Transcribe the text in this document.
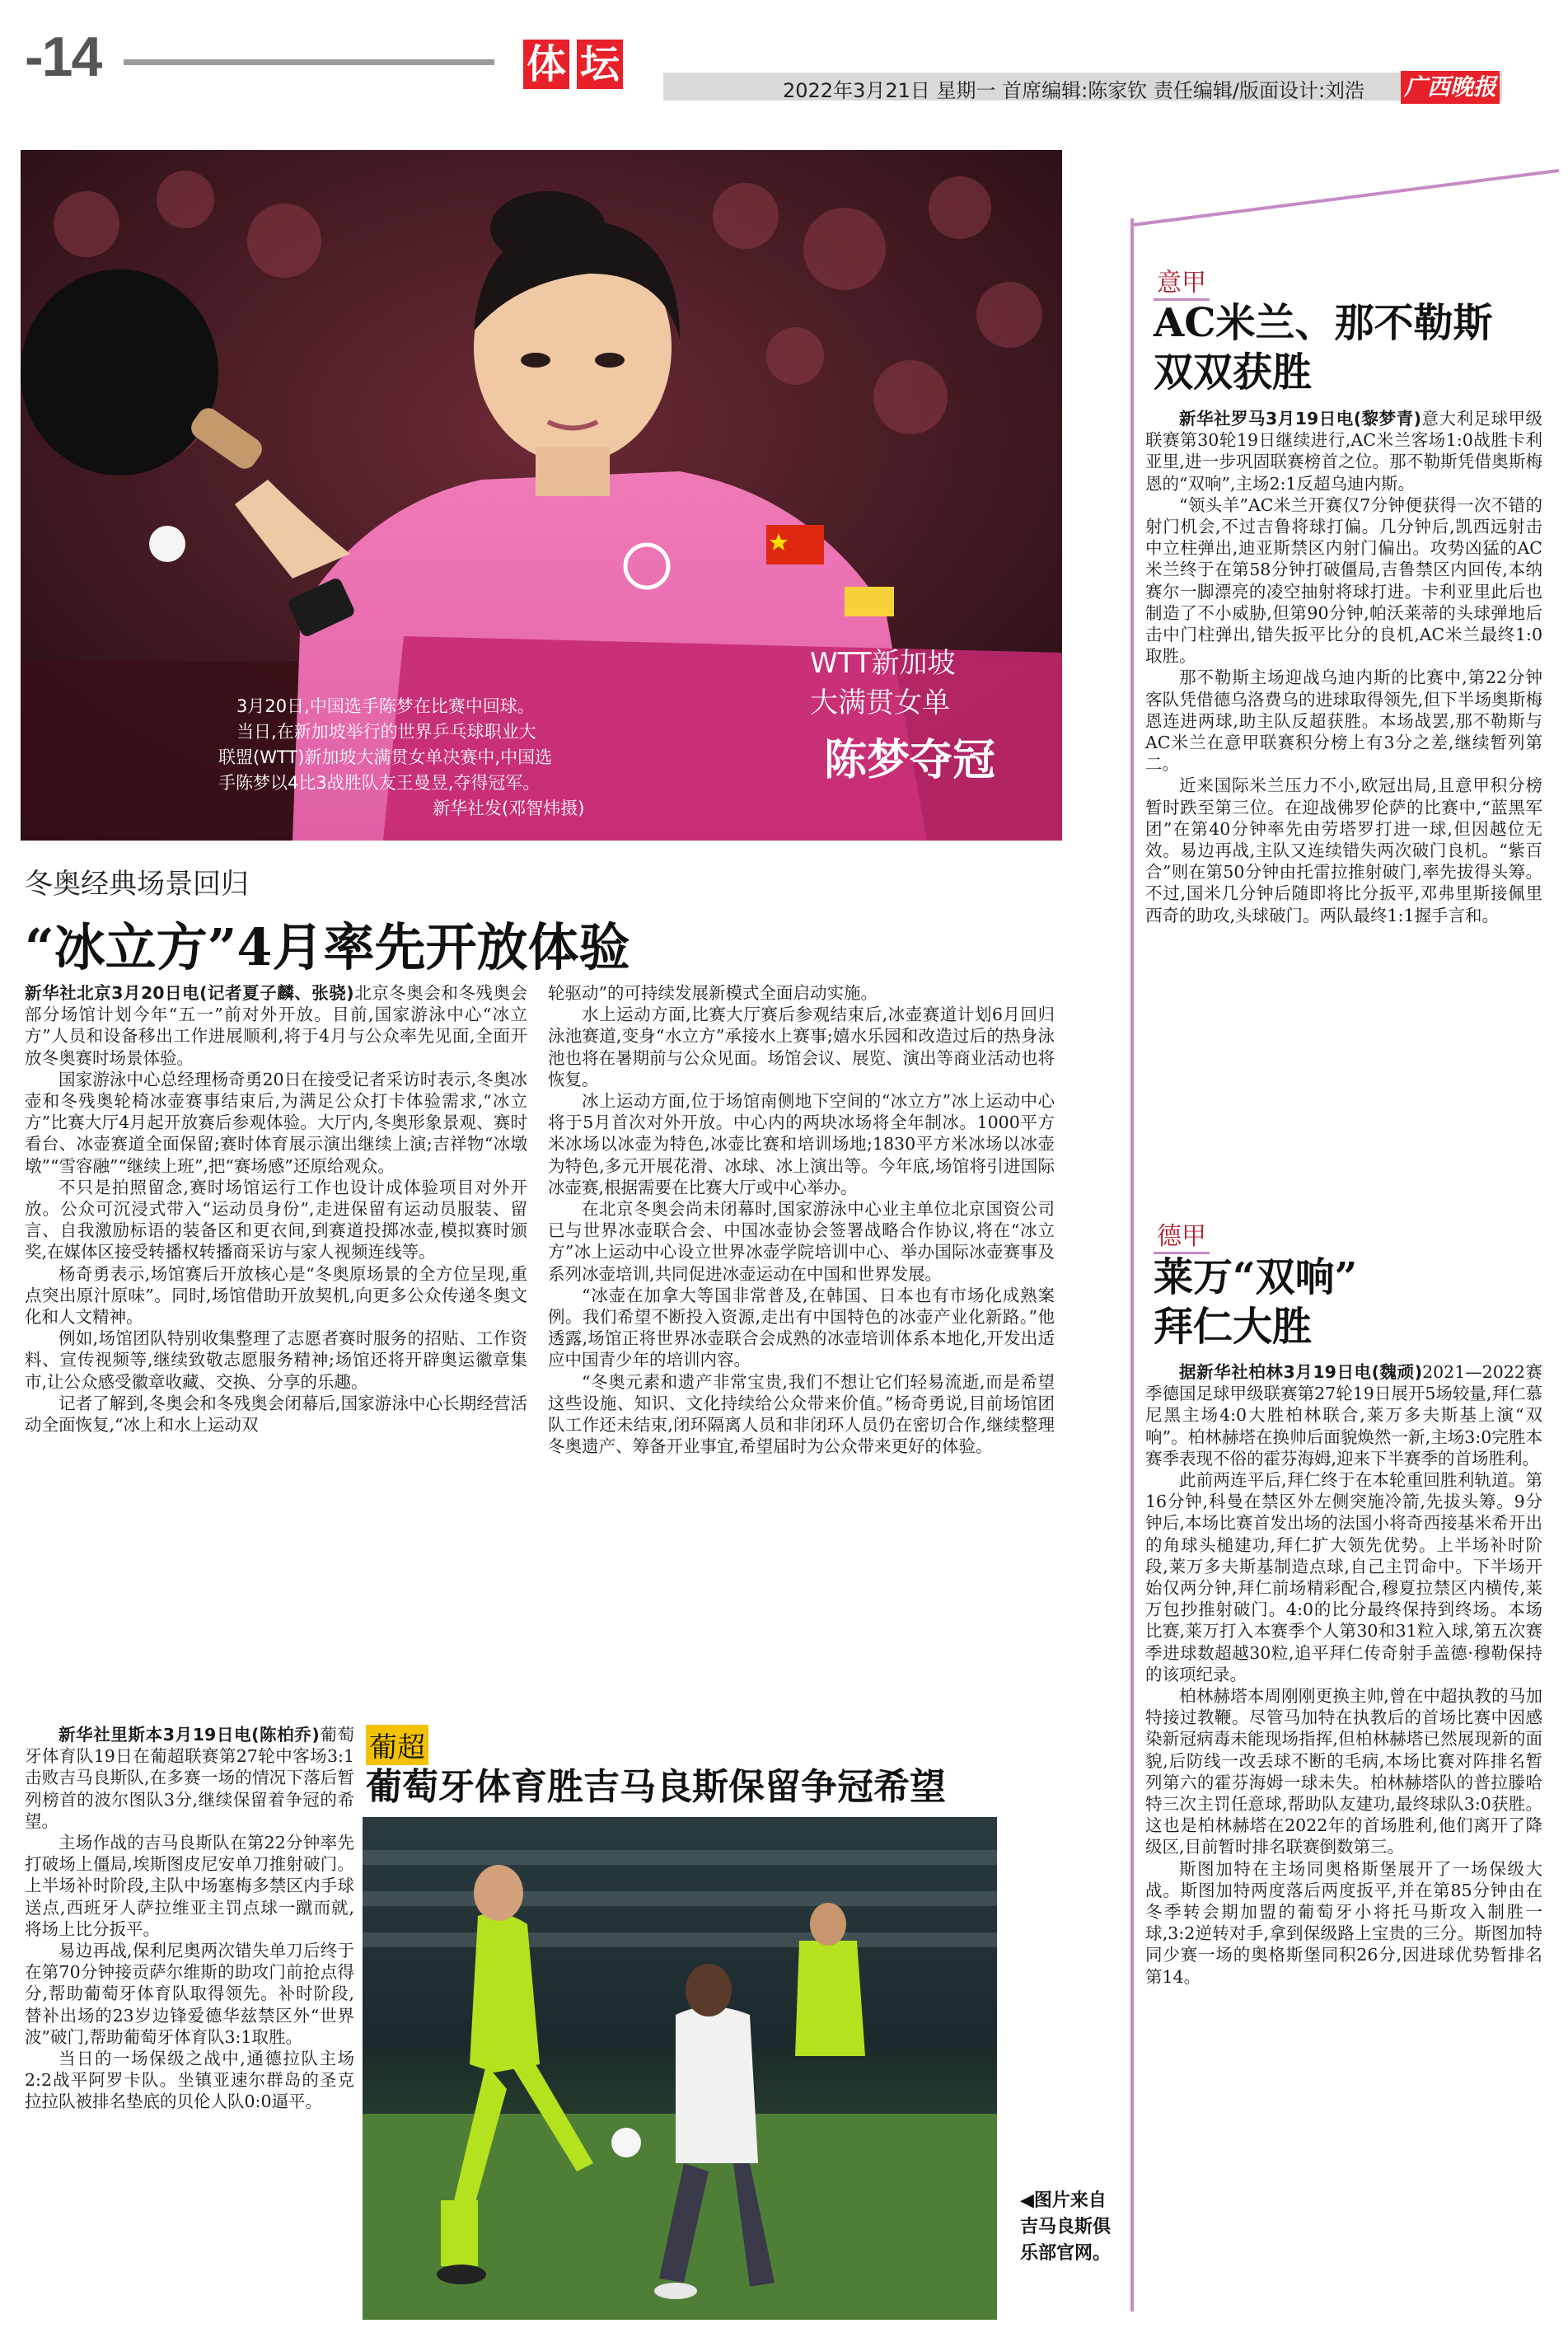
-14	体 坛
2022年3月21日 星期一 首席编辑:陈家钦 责任编辑/版面设计:刘浩 广西晚报
3月20日,中国选手陈梦在比赛中回球。
当日,在新加坡举行的世界乒乓球职业大
联盟(WTT)新加坡大满贯女单决赛中,中国选
手陈梦以4比3战胜队友王曼昱,夺得冠军。
新华社发(邓智炜摄)
WTT新加坡
大满贯女单
陈梦夺冠
冬奥经典场景回归
“冰立方”4月率先开放体验

新华社北京3月20日电(记者夏子麟、张骁)北京冬奥会和冬残奥会部分场馆计划今年“五一”前对外开放。目前,国家游泳中心“冰立方”人员和设备移出工作进展顺利,将于4月与公众率先见面,全面开放冬奥赛时场景体验。

国家游泳中心总经理杨奇勇20日在接受记者采访时表示,冬奥冰壶和冬残奥轮椅冰壶赛事结束后,为满足公众打卡体验需求,“冰立方”比赛大厅4月起开放赛后参观体验。大厅内,冬奥形象景观、赛时看台、冰壶赛道全面保留;赛时体育展示演出继续上演;吉祥物“冰墩墩”“雪容融”“继续上班”,把“赛场感”还原给观众。

不只是拍照留念,赛时场馆运行工作也设计成体验项目对外开放。公众可沉浸式带入“运动员身份”,走进保留有运动员服装、留言、自我激励标语的装备区和更衣间,到赛道投掷冰壶,模拟赛时颁奖,在媒体区接受转播权转播商采访与家人视频连线等。

杨奇勇表示,场馆赛后开放核心是“冬奥原场景的全方位呈现,重点突出原汁原味”。同时,场馆借助开放契机,向更多公众传递冬奥文化和人文精神。

例如,场馆团队特别收集整理了志愿者赛时服务的招贴、工作资料、宣传视频等,继续致敬志愿服务精神;场馆还将开辟奥运徽章集市,让公众感受徽章收藏、交换、分享的乐趣。

记者了解到,冬奥会和冬残奥会闭幕后,国家游泳中心长期经营活动全面恢复,“冰上和水上运动双

轮驱动”的可持续发展新模式全面启动实施。

水上运动方面,比赛大厅赛后参观结束后,冰壶赛道计划6月回归泳池赛道,变身“水立方”承接水上赛事;嬉水乐园和改造过后的热身泳池也将在暑期前与公众见面。场馆会议、展览、演出等商业活动也将恢复。

冰上运动方面,位于场馆南侧地下空间的“冰立方”冰上运动中心将于5月首次对外开放。中心内的两块冰场将全年制冰。1000平方米冰场以冰壶为特色,冰壶比赛和培训场地;1830平方米冰场以冰壶为特色,多元开展花滑、冰球、冰上演出等。今年底,场馆将引进国际冰壶赛,根据需要在比赛大厅或中心举办。

在北京冬奥会尚未闭幕时,国家游泳中心业主单位北京国资公司已与世界冰壶联合会、中国冰壶协会签署战略合作协议,将在“冰立方”冰上运动中心设立世界冰壶学院培训中心、举办国际冰壶赛事及系列冰壶培训,共同促进冰壶运动在中国和世界发展。

“冰壶在加拿大等国非常普及,在韩国、日本也有市场化成熟案例。我们希望不断投入资源,走出有中国特色的冰壶产业化新路。”他透露,场馆正将世界冰壶联合会成熟的冰壶培训体系本地化,开发出适应中国青少年的培训内容。

“冬奥元素和遗产非常宝贵,我们不想让它们轻易流逝,而是希望这些设施、知识、文化持续给公众带来价值。”杨奇勇说,目前场馆团队工作还未结束,闭环隔离人员和非闭环人员仍在密切合作,继续整理冬奥遗产、筹备开业事宜,希望届时为公众带来更好的体验。

意甲
AC米兰、那不勒斯
双双获胜

新华社罗马3月19日电(黎梦青)意大利足球甲级联赛第30轮19日继续进行,AC米兰客场1:0战胜卡利亚里,进一步巩固联赛榜首之位。那不勒斯凭借奥斯梅恩的“双响”,主场2:1反超乌迪内斯。

“领头羊”AC米兰开赛仅7分钟便获得一次不错的射门机会,不过吉鲁将球打偏。几分钟后,凯西远射击中立柱弹出,迪亚斯禁区内射门偏出。攻势凶猛的AC米兰终于在第58分钟打破僵局,吉鲁禁区内回传,本纳赛尔一脚漂亮的凌空抽射将球打进。卡利亚里此后也制造了不小威胁,但第90分钟,帕沃莱蒂的头球弹地后击中门柱弹出,错失扳平比分的良机,AC米兰最终1:0取胜。

那不勒斯主场迎战乌迪内斯的比赛中,第22分钟客队凭借德乌洛费乌的进球取得领先,但下半场奥斯梅恩连进两球,助主队反超获胜。本场战罢,那不勒斯与AC米兰在意甲联赛积分榜上有3分之差,继续暂列第二。

近来国际米兰压力不小,欧冠出局,且意甲积分榜暂时跌至第三位。在迎战佛罗伦萨的比赛中,“蓝黑军团”在第40分钟率先由劳塔罗打进一球,但因越位无效。易边再战,主队又连续错失两次破门良机。“紫百合”则在第50分钟由托雷拉推射破门,率先拔得头筹。不过,国米几分钟后随即将比分扳平,邓弗里斯接佩里西奇的助攻,头球破门。两队最终1:1握手言和。

德甲
莱万“双响”
拜仁大胜

据新华社柏林3月19日电(魏顽)2021—2022赛季德国足球甲级联赛第27轮19日展开5场较量,拜仁慕尼黑主场4:0大胜柏林联合,莱万多夫斯基上演“双响”。柏林赫塔在换帅后面貌焕然一新,主场3:0完胜本赛季表现不俗的霍芬海姆,迎来下半赛季的首场胜利。

此前两连平后,拜仁终于在本轮重回胜利轨道。第16分钟,科曼在禁区外左侧突施冷箭,先拔头筹。9分钟后,本场比赛首发出场的法国小将奇西接基米希开出的角球头槌建功,拜仁扩大领先优势。上半场补时阶段,莱万多夫斯基制造点球,自己主罚命中。下半场开始仅两分钟,拜仁前场精彩配合,穆夏拉禁区内横传,莱万包抄推射破门。4:0的比分最终保持到终场。本场比赛,莱万打入本赛季个人第30和31粒入球,第五次赛季进球数超越30粒,追平拜仁传奇射手盖德·穆勒保持的该项纪录。

柏林赫塔本周刚刚更换主帅,曾在中超执教的马加特接过教鞭。尽管马加特在执教后的首场比赛中因感染新冠病毒未能现场指挥,但柏林赫塔已然展现新的面貌,后防线一改丢球不断的毛病,本场比赛对阵排名暂列第六的霍芬海姆一球未失。柏林赫塔队的普拉滕哈特三次主罚任意球,帮助队友建功,最终球队3:0获胜。这也是柏林赫塔在2022年的首场胜利,他们离开了降级区,目前暂时排名联赛倒数第三。

斯图加特在主场同奥格斯堡展开了一场保级大战。斯图加特两度落后两度扳平,并在第85分钟由在冬季转会期加盟的葡萄牙小将托马斯攻入制胜一球,3:2逆转对手,拿到保级路上宝贵的三分。斯图加特同少赛一场的奥格斯堡同积26分,因进球优势暂排名第14。

葡超
葡萄牙体育胜吉马良斯保留争冠希望

新华社里斯本3月19日电(陈柏乔)葡萄牙体育队19日在葡超联赛第27轮中客场3:1击败吉马良斯队,在多赛一场的情况下落后暂列榜首的波尔图队3分,继续保留着争冠的希望。

主场作战的吉马良斯队在第22分钟率先打破场上僵局,埃斯图皮尼安单刀推射破门。上半场补时阶段,主队中场塞梅多禁区内手球送点,西班牙人萨拉维亚主罚点球一蹴而就,将场上比分扳平。

易边再战,保利尼奥两次错失单刀后终于在第70分钟接贡萨尔维斯的助攻门前抢点得分,帮助葡萄牙体育队取得领先。补时阶段,替补出场的23岁边锋爱德华兹禁区外“世界波”破门,帮助葡萄牙体育队3:1取胜。

当日的一场保级之战中,通德拉队主场2:2战平阿罗卡队。坐镇亚速尔群岛的圣克拉拉队被排名垫底的贝伦人队0:0逼平。

◀图片来自
吉马良斯俱
乐部官网。
